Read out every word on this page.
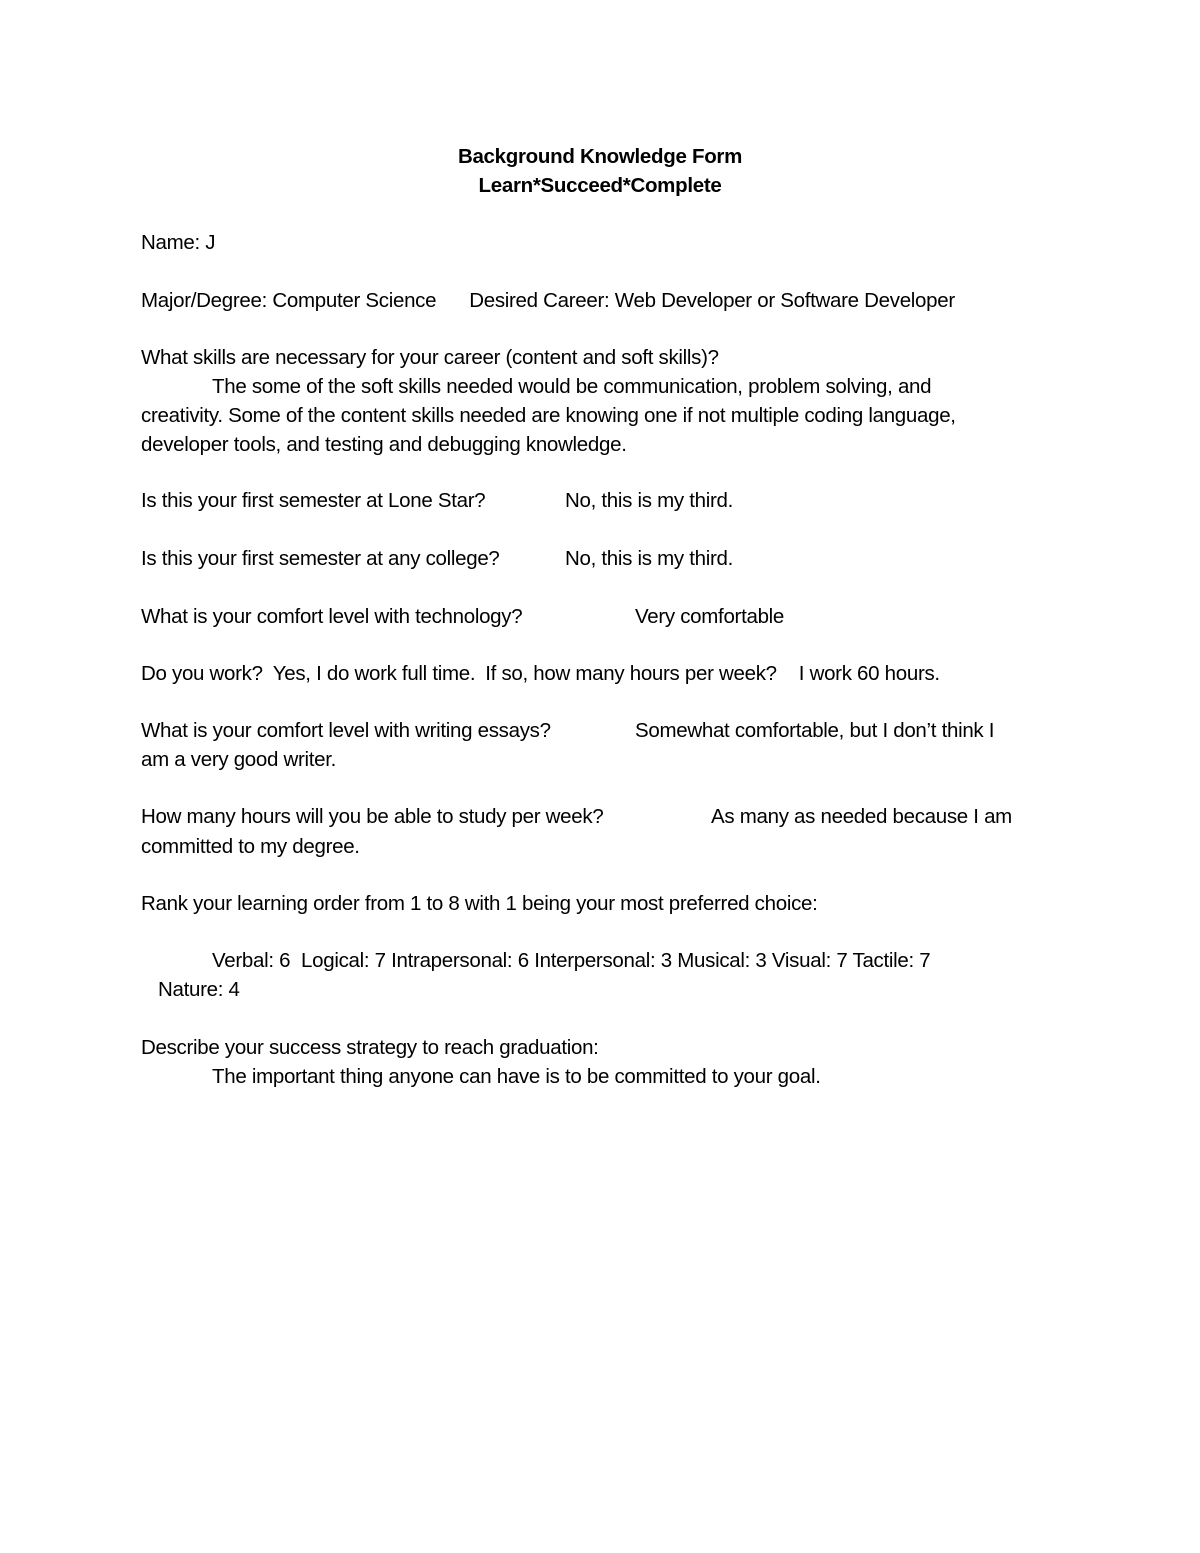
Background Knowledge Form
Learn*Succeed*Complete
Name: J
Major/Degree: Computer Science Desired Career: Web Developer or Software Developer
What skills are necessary for your career (content and soft skills)?
The some of the soft skills needed would be communication, problem solving, and
creativity. Some of the content skills needed are knowing one if not multiple coding language,
developer tools, and testing and debugging knowledge.
Is this your first semester at Lone Star?	No, this is my third.
Is this your first semester at any college?	No, this is my third.
What is your comfort level with technology?	Very comfortable
Do you work? Yes, I do work full time. If so, how many hours per week? I work 60 hours.
What is your comfort level with writing essays?	Somewhat comfortable, but I don’t think I
am a very good writer.
How many hours will you be able to study per week?	As many as needed because I am
committed to my degree.
Rank your learning order from 1 to 8 with 1 being your most preferred choice:
Verbal: 6  Logical: 7 Intrapersonal: 6 Interpersonal: 3 Musical: 3 Visual: 7 Tactile: 7
Nature: 4
Describe your success strategy to reach graduation:
The important thing anyone can have is to be committed to your goal.
